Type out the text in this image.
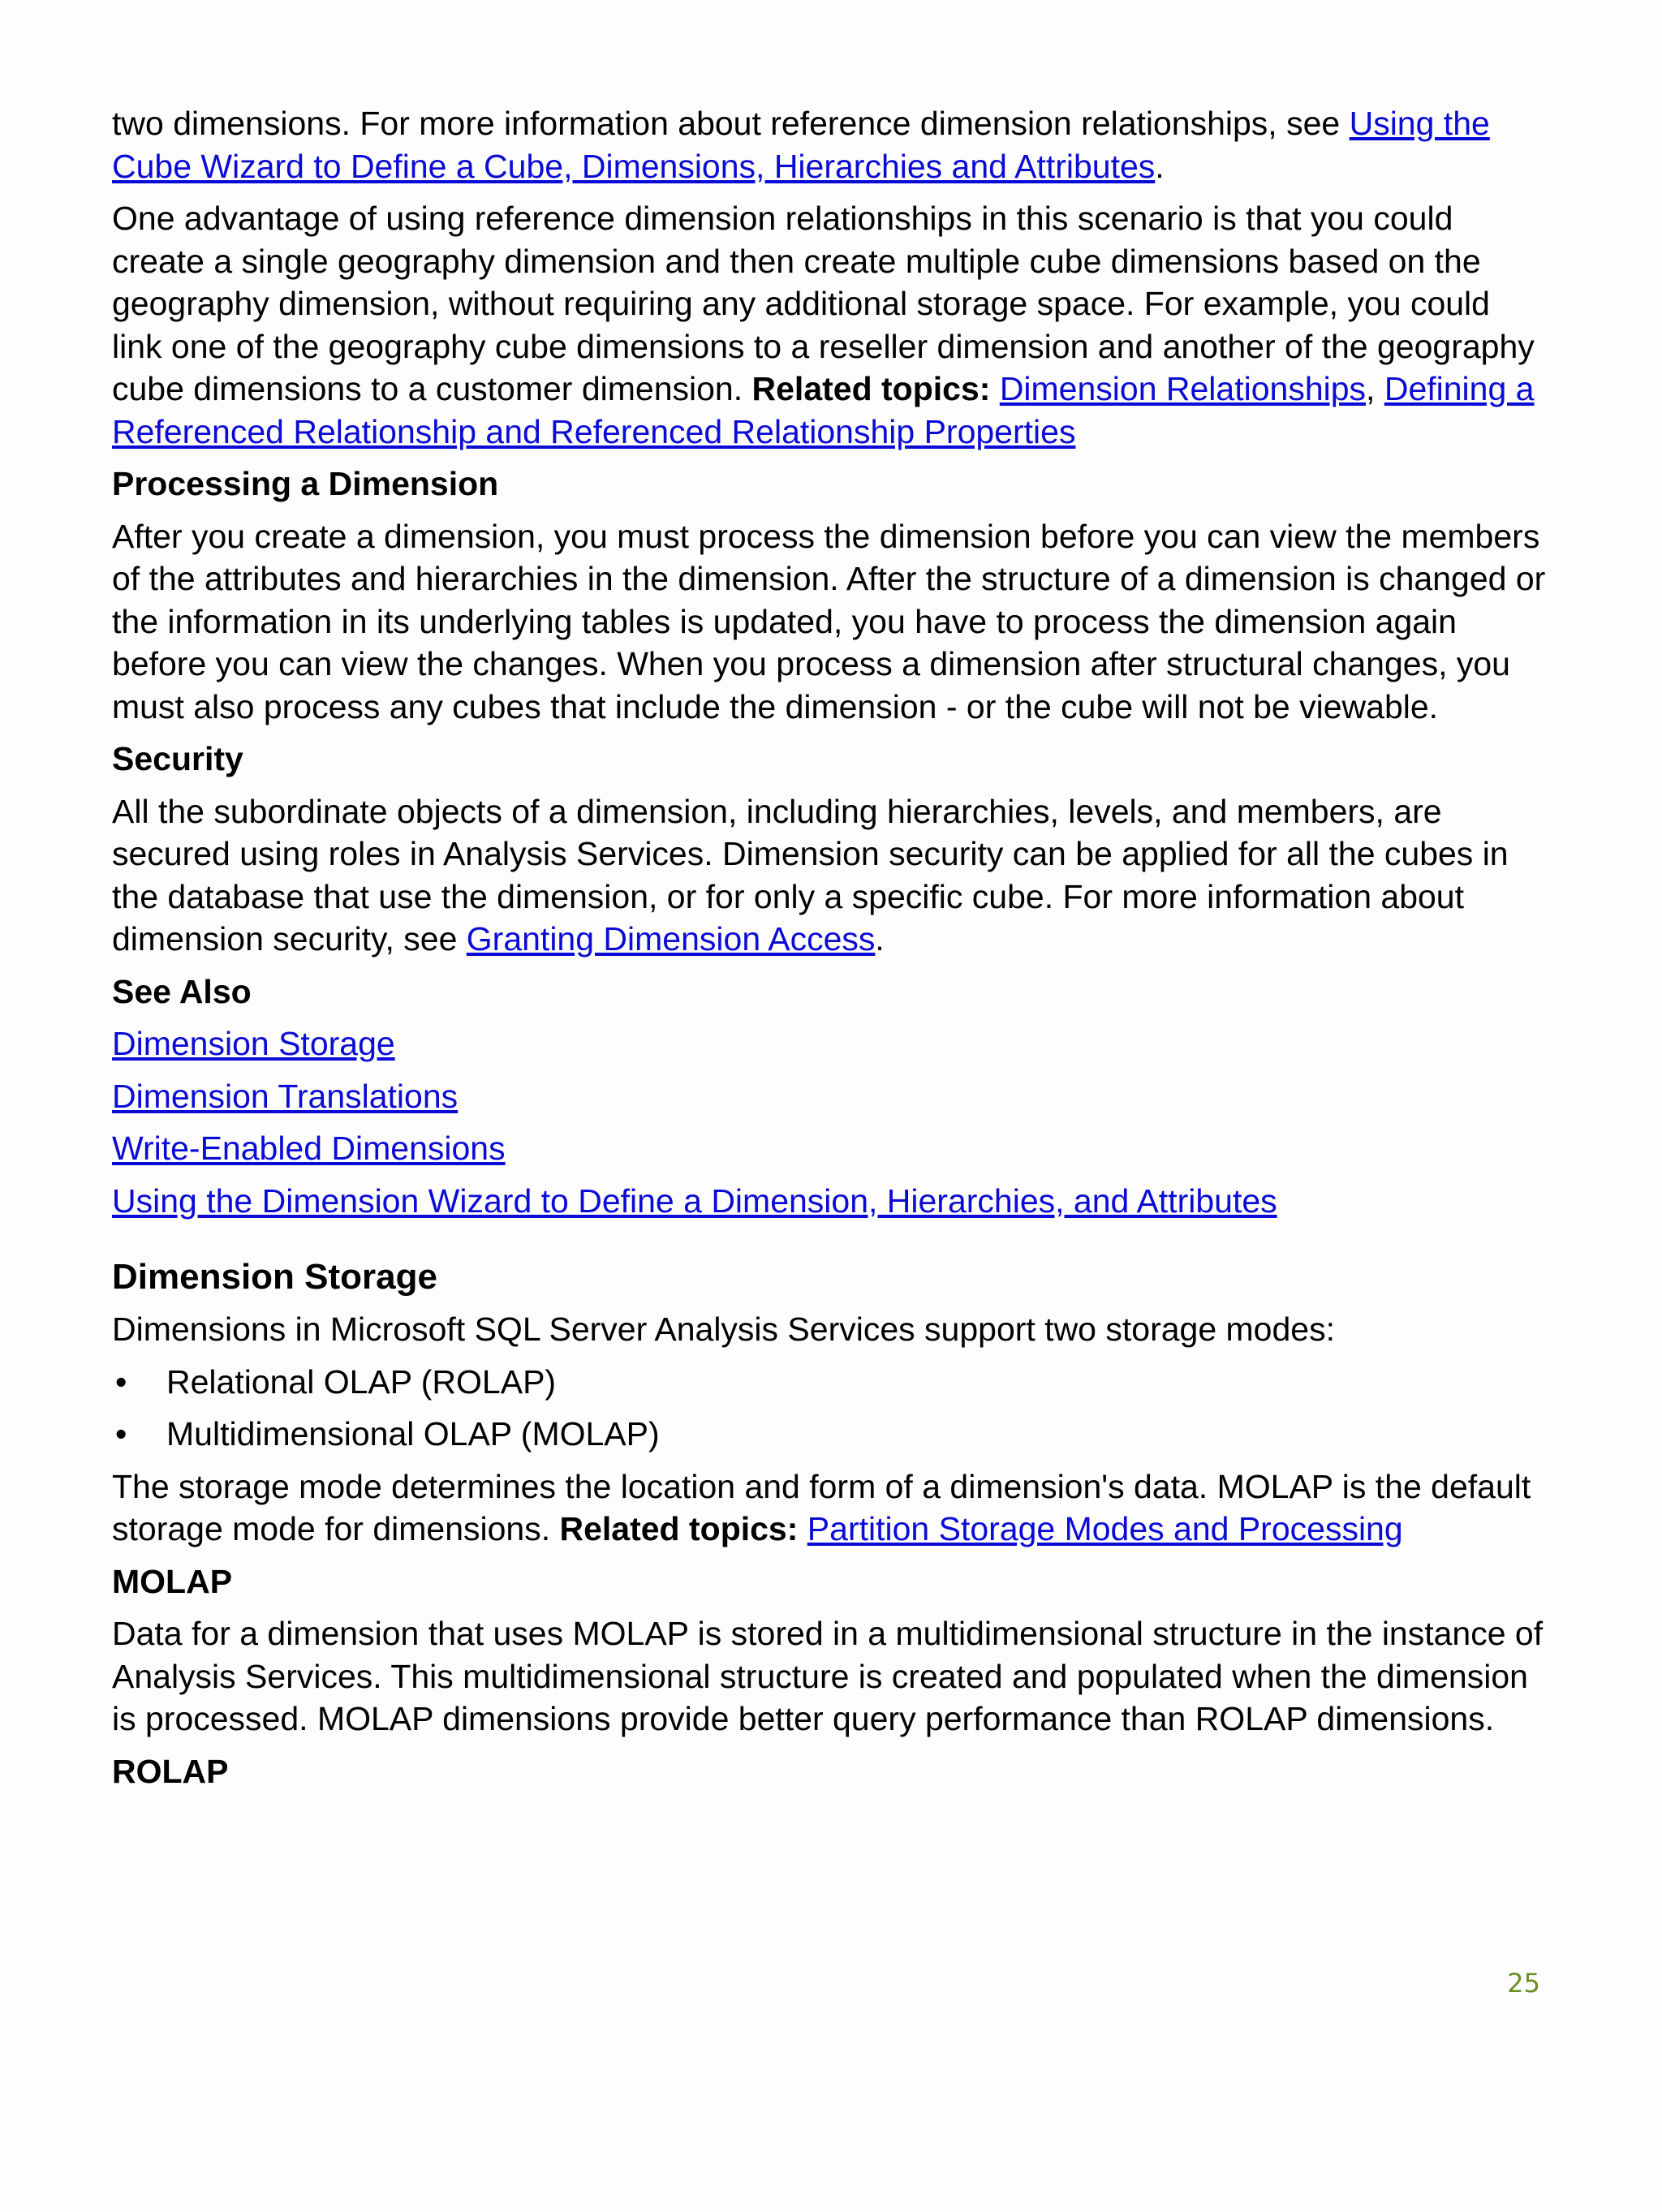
two dimensions. For more information about reference dimension relationships, see Using the Cube Wizard to Define a Cube, Dimensions, Hierarchies and Attributes.

One advantage of using reference dimension relationships in this scenario is that you could create a single geography dimension and then create multiple cube dimensions based on the geography dimension, without requiring any additional storage space. For example, you could link one of the geography cube dimensions to a reseller dimension and another of the geography cube dimensions to a customer dimension. Related topics: Dimension Relationships, Defining a Referenced Relationship and Referenced Relationship Properties

Processing a Dimension

After you create a dimension, you must process the dimension before you can view the members of the attributes and hierarchies in the dimension. After the structure of a dimension is changed or the information in its underlying tables is updated, you have to process the dimension again before you can view the changes. When you process a dimension after structural changes, you must also process any cubes that include the dimension - or the cube will not be viewable.

Security

All the subordinate objects of a dimension, including hierarchies, levels, and members, are secured using roles in Analysis Services. Dimension security can be applied for all the cubes in the database that use the dimension, or for only a specific cube. For more information about dimension security, see Granting Dimension Access.

See Also
Dimension Storage
Dimension Translations
Write-Enabled Dimensions
Using the Dimension Wizard to Define a Dimension, Hierarchies, and Attributes
Dimension Storage

Dimensions in Microsoft SQL Server Analysis Services support two storage modes:

• Relational OLAP (ROLAP)
• Multidimensional OLAP (MOLAP)

The storage mode determines the location and form of a dimension's data. MOLAP is the default storage mode for dimensions. Related topics: Partition Storage Modes and Processing

MOLAP

Data for a dimension that uses MOLAP is stored in a multidimensional structure in the instance of Analysis Services. This multidimensional structure is created and populated when the dimension is processed. MOLAP dimensions provide better query performance than ROLAP dimensions.

ROLAP
25
